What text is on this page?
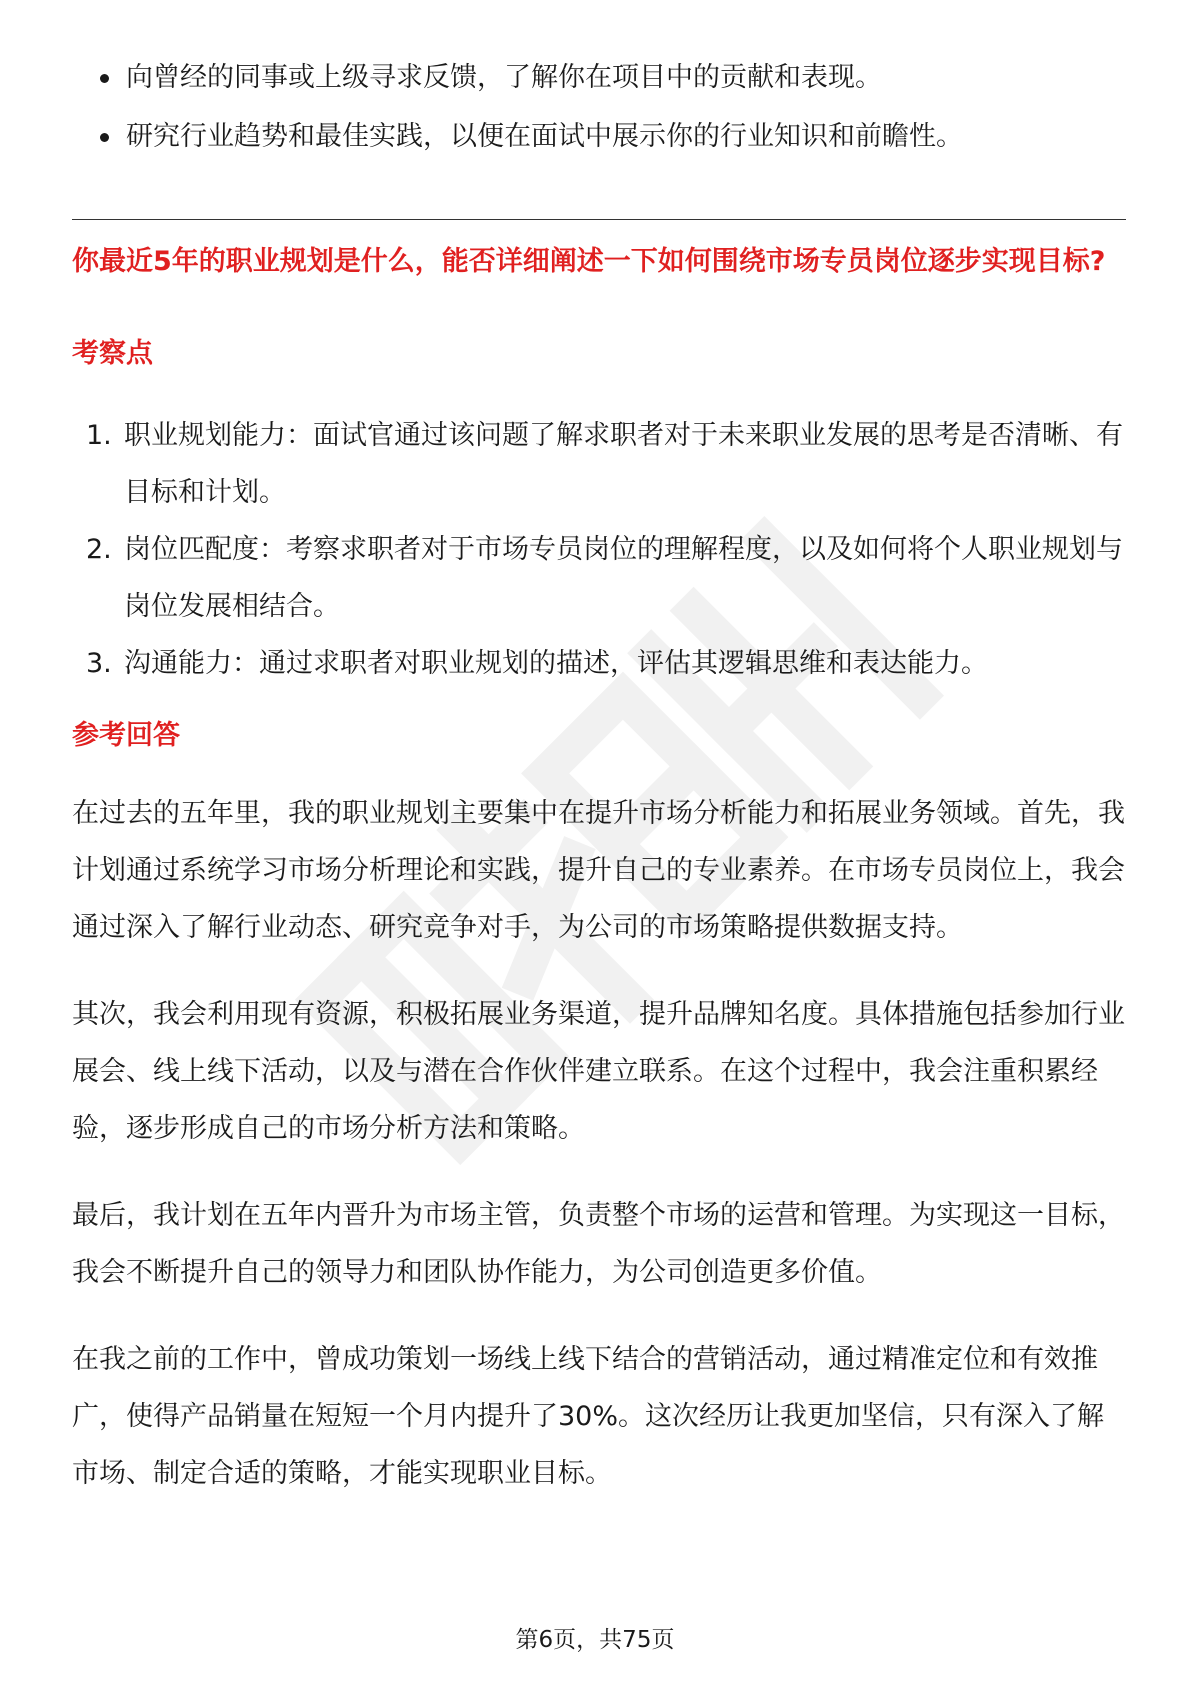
向曾经的同事或上级寻求反馈，了解你在项目中的贡献和表现。
研究行业趋势和最佳实践，以便在面试中展示你的行业知识和前瞻性。
你最近5年的职业规划是什么，能否详细阐述一下如何围绕市场专员岗位逐步实现目标?
考察点
1. 职业规划能力：面试官通过该问题了解求职者对于未来职业发展的思考是否清晰、有目标和计划。
2. 岗位匹配度：考察求职者对于市场专员岗位的理解程度，以及如何将个人职业规划与岗位发展相结合。
3. 沟通能力：通过求职者对职业规划的描述，评估其逻辑思维和表达能力。
参考回答

在过去的五年里，我的职业规划主要集中在提升市场分析能力和拓展业务领域。首先，我计划通过系统学习市场分析理论和实践，提升自己的专业素养。在市场专员岗位上，我会通过深入了解行业动态、研究竞争对手，为公司的市场策略提供数据支持。

其次，我会利用现有资源，积极拓展业务渠道，提升品牌知名度。具体措施包括参加行业展会、线上线下活动，以及与潜在合作伙伴建立联系。在这个过程中，我会注重积累经验，逐步形成自己的市场分析方法和策略。

最后，我计划在五年内晋升为市场主管，负责整个市场的运营和管理。为实现这一目标，我会不断提升自己的领导力和团队协作能力，为公司创造更多价值。

在我之前的工作中，曾成功策划一场线上线下结合的营销活动，通过精准定位和有效推广，使得产品销量在短短一个月内提升了30%。这次经历让我更加坚信，只有深入了解市场、制定合适的策略，才能实现职业目标。

第6页，共75页
